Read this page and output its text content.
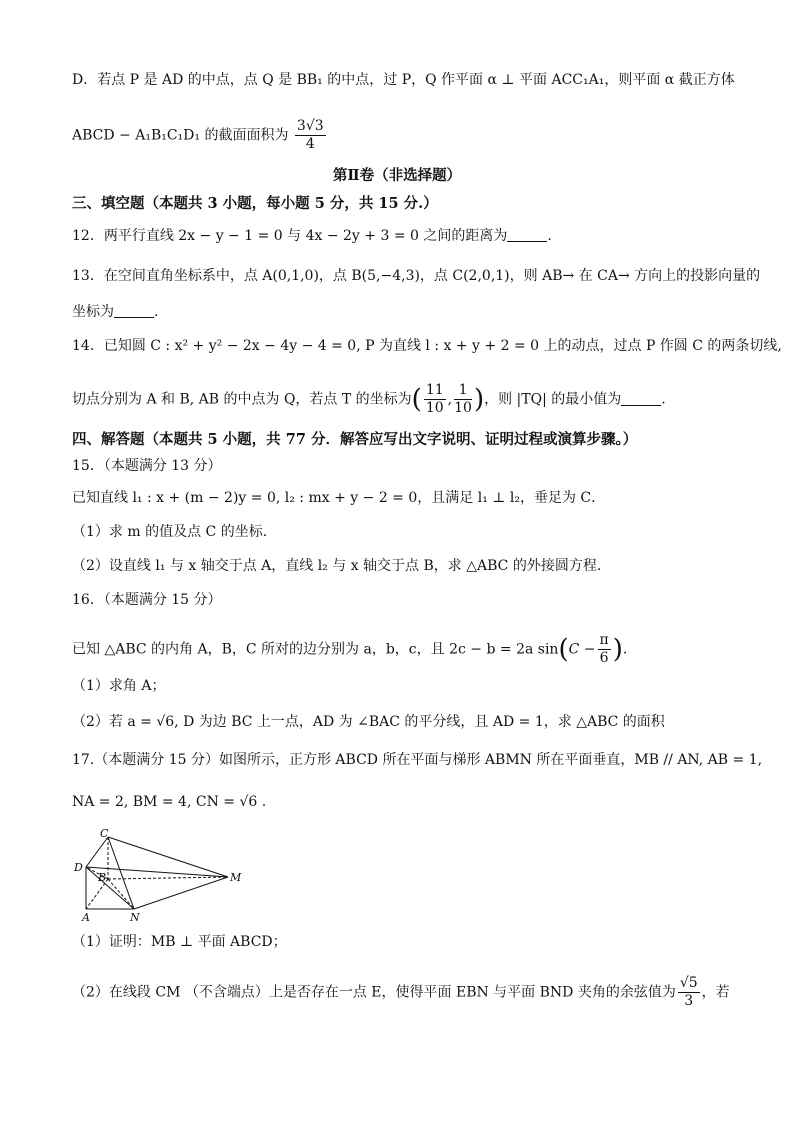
D．若点 P 是 AD 的中点，点 Q 是 BB₁ 的中点，过 P，Q 作平面 α ⊥ 平面 ACC₁A₁，则平面 α 截正方体
ABCD − A₁B₁C₁D₁ 的截面面积为 $\frac{3√3}{4}$
第Ⅱ卷（非选择题）
三、填空题（本题共 3 小题，每小题 5 分，共 15 分.）
12．两平行直线 2x − y − 1 = 0 与 4x − 2y + 3 = 0 之间的距离为	.
13．在空间直角坐标系中，点 A(0,1,0)，点 B(5,−4,3)，点 C(2,0,1)，则 AB→ 在 CA→ 方向上的投影向量的
坐标为	.
14．已知圆 C : x² + y² − 2x − 4y − 4 = 0, P 为直线 l : x + y + 2 = 0 上的动点，过点 P 作圆 C 的两条切线,
切点分别为 A 和 B, AB 的中点为 Q，若点 T 的坐标为( $\frac{11}{10}$ , $\frac{1}{10}$ )，则 |TQ| 的最小值为	.
四、解答题（本题共 5 小题，共 77 分．解答应写出文字说明、证明过程或演算步骤。）
15．（本题满分 13 分）
已知直线 l₁ : x + (m − 2)y = 0, l₂ : mx + y − 2 = 0，且满足 l₁ ⊥ l₂，垂足为 C．
（1）求 m 的值及点 C 的坐标.
（2）设直线 l₁ 与 x 轴交于点 A，直线 l₂ 与 x 轴交于点 B，求 △ABC 的外接圆方程.
16．（本题满分 15 分）
已知 △ABC 的内角 A，B，C 所对的边分别为 a，b，c，且 2c − b = 2a $\sin(C - \frac{\pi}{6}$ ).
（1）求角 A；
（2）若 a = √6, D 为边 BC 上一点，AD 为 ∠BAC 的平分线，且 AD = 1，求 △ABC 的面积
17.（本题满分 15 分）如图所示，正方形 ABCD 所在平面与梯形 ABMN 所在平面垂直，MB // AN, AB = 1,
NA = 2, BM = 4, CN = √6 .
C
D
B	M
A	N
（1）证明：MB ⊥ 平面 ABCD；
（2）在线段 CM （不含端点）上是否存在一点 E，使得平面 EBN 与平面 BND 夹角的余弦值为 $\frac{√5}{3}$ ，若
